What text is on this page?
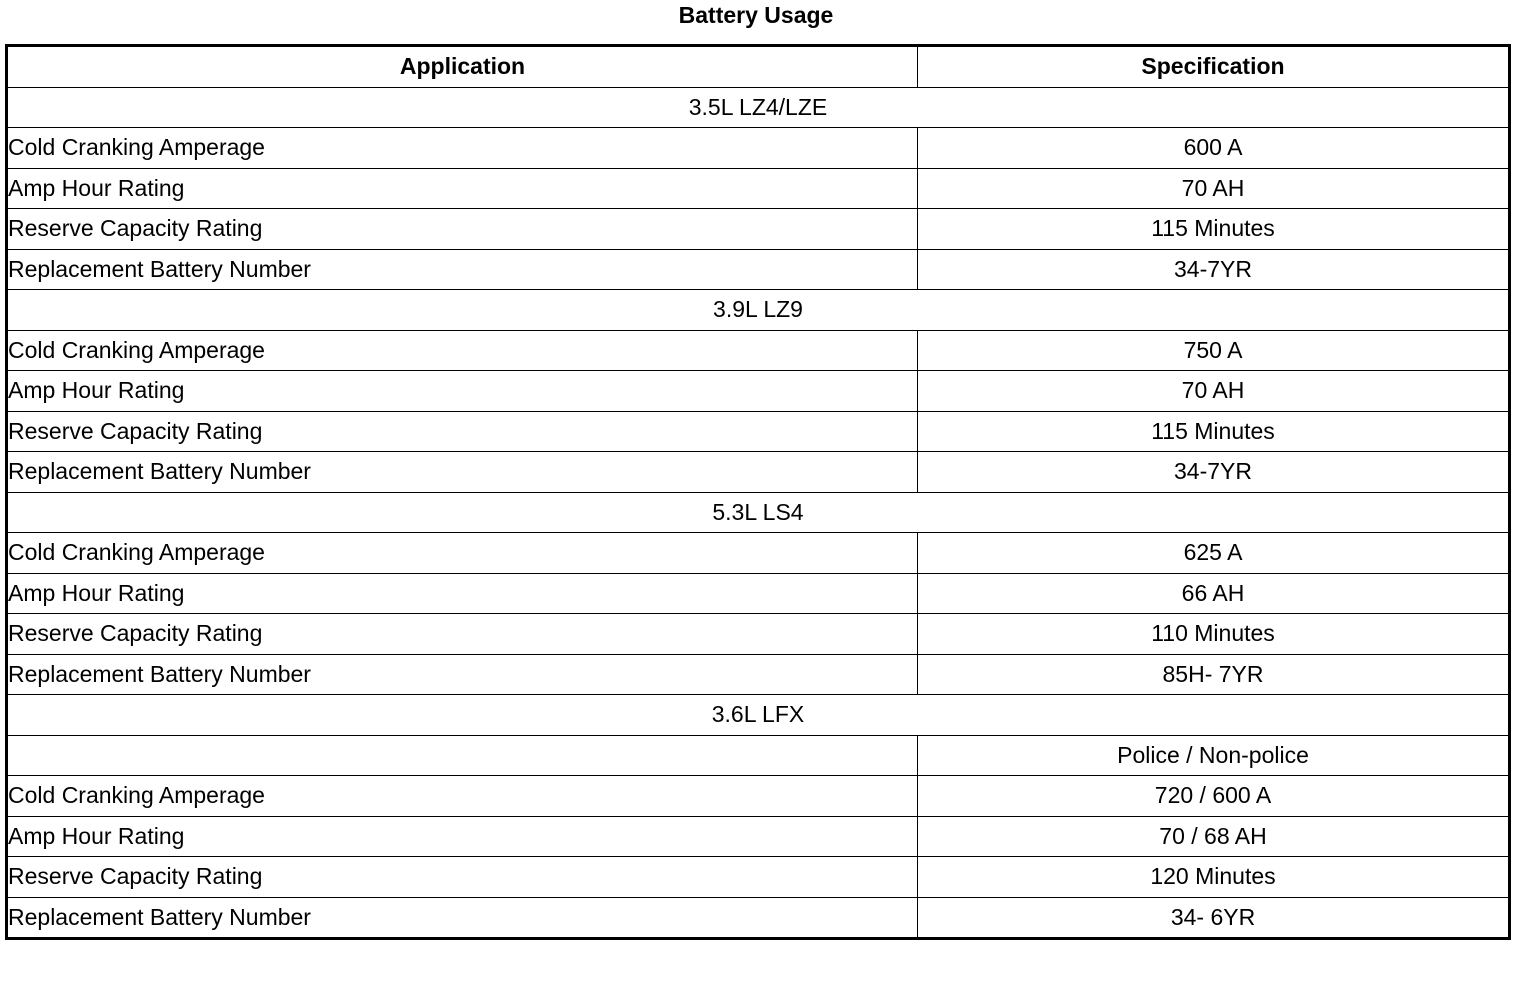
Battery Usage
Application	Specification
3.5L LZ4/LZE	
Cold Cranking Amperage	600 A
Amp Hour Rating	70 AH
Reserve Capacity Rating	115 Minutes
Replacement Battery Number	34-7YR
3.9L LZ9	
Cold Cranking Amperage	750 A
Amp Hour Rating	70 AH
Reserve Capacity Rating	115 Minutes
Replacement Battery Number	34-7YR
5.3L LS4	
Cold Cranking Amperage	625 A
Amp Hour Rating	66 AH
Reserve Capacity Rating	110 Minutes
Replacement Battery Number	85H- 7YR
3.6L LFX	
	Police / Non-police
Cold Cranking Amperage	720 / 600 A
Amp Hour Rating	70 / 68 AH
Reserve Capacity Rating	120 Minutes
Replacement Battery Number	34- 6YR
